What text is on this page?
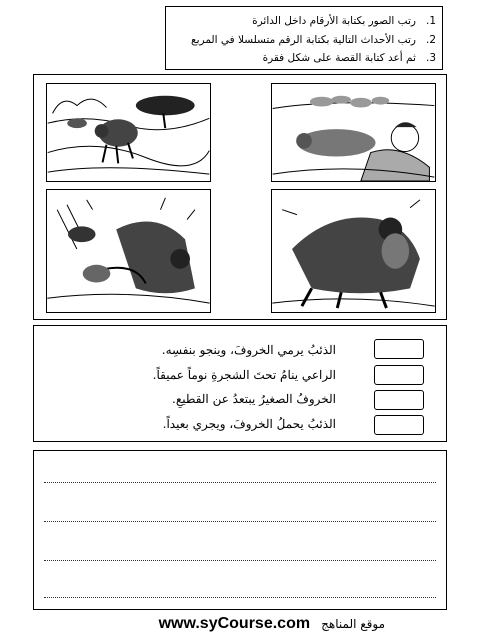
1.رتب الصور بكتابة الأرقام داخل الدائرة
2.رتب الأحداث التالية بكتابة الرقم متسلسلا في المربع
3.ثم أعد كتابة القصة على شكل فقرة
الذئبُ يرمي الخروفَ، وينجو بنفسِه.
الراعي ينامُ تحتَ الشجرةِ نوماً عميقاً.
الخروفُ الصغيرُ يبتعدُ عن القطيعِ.
الذئبُ يحملُ الخروفَ، ويجري بعيداً.
موقع المناهج www.syCourse.com
